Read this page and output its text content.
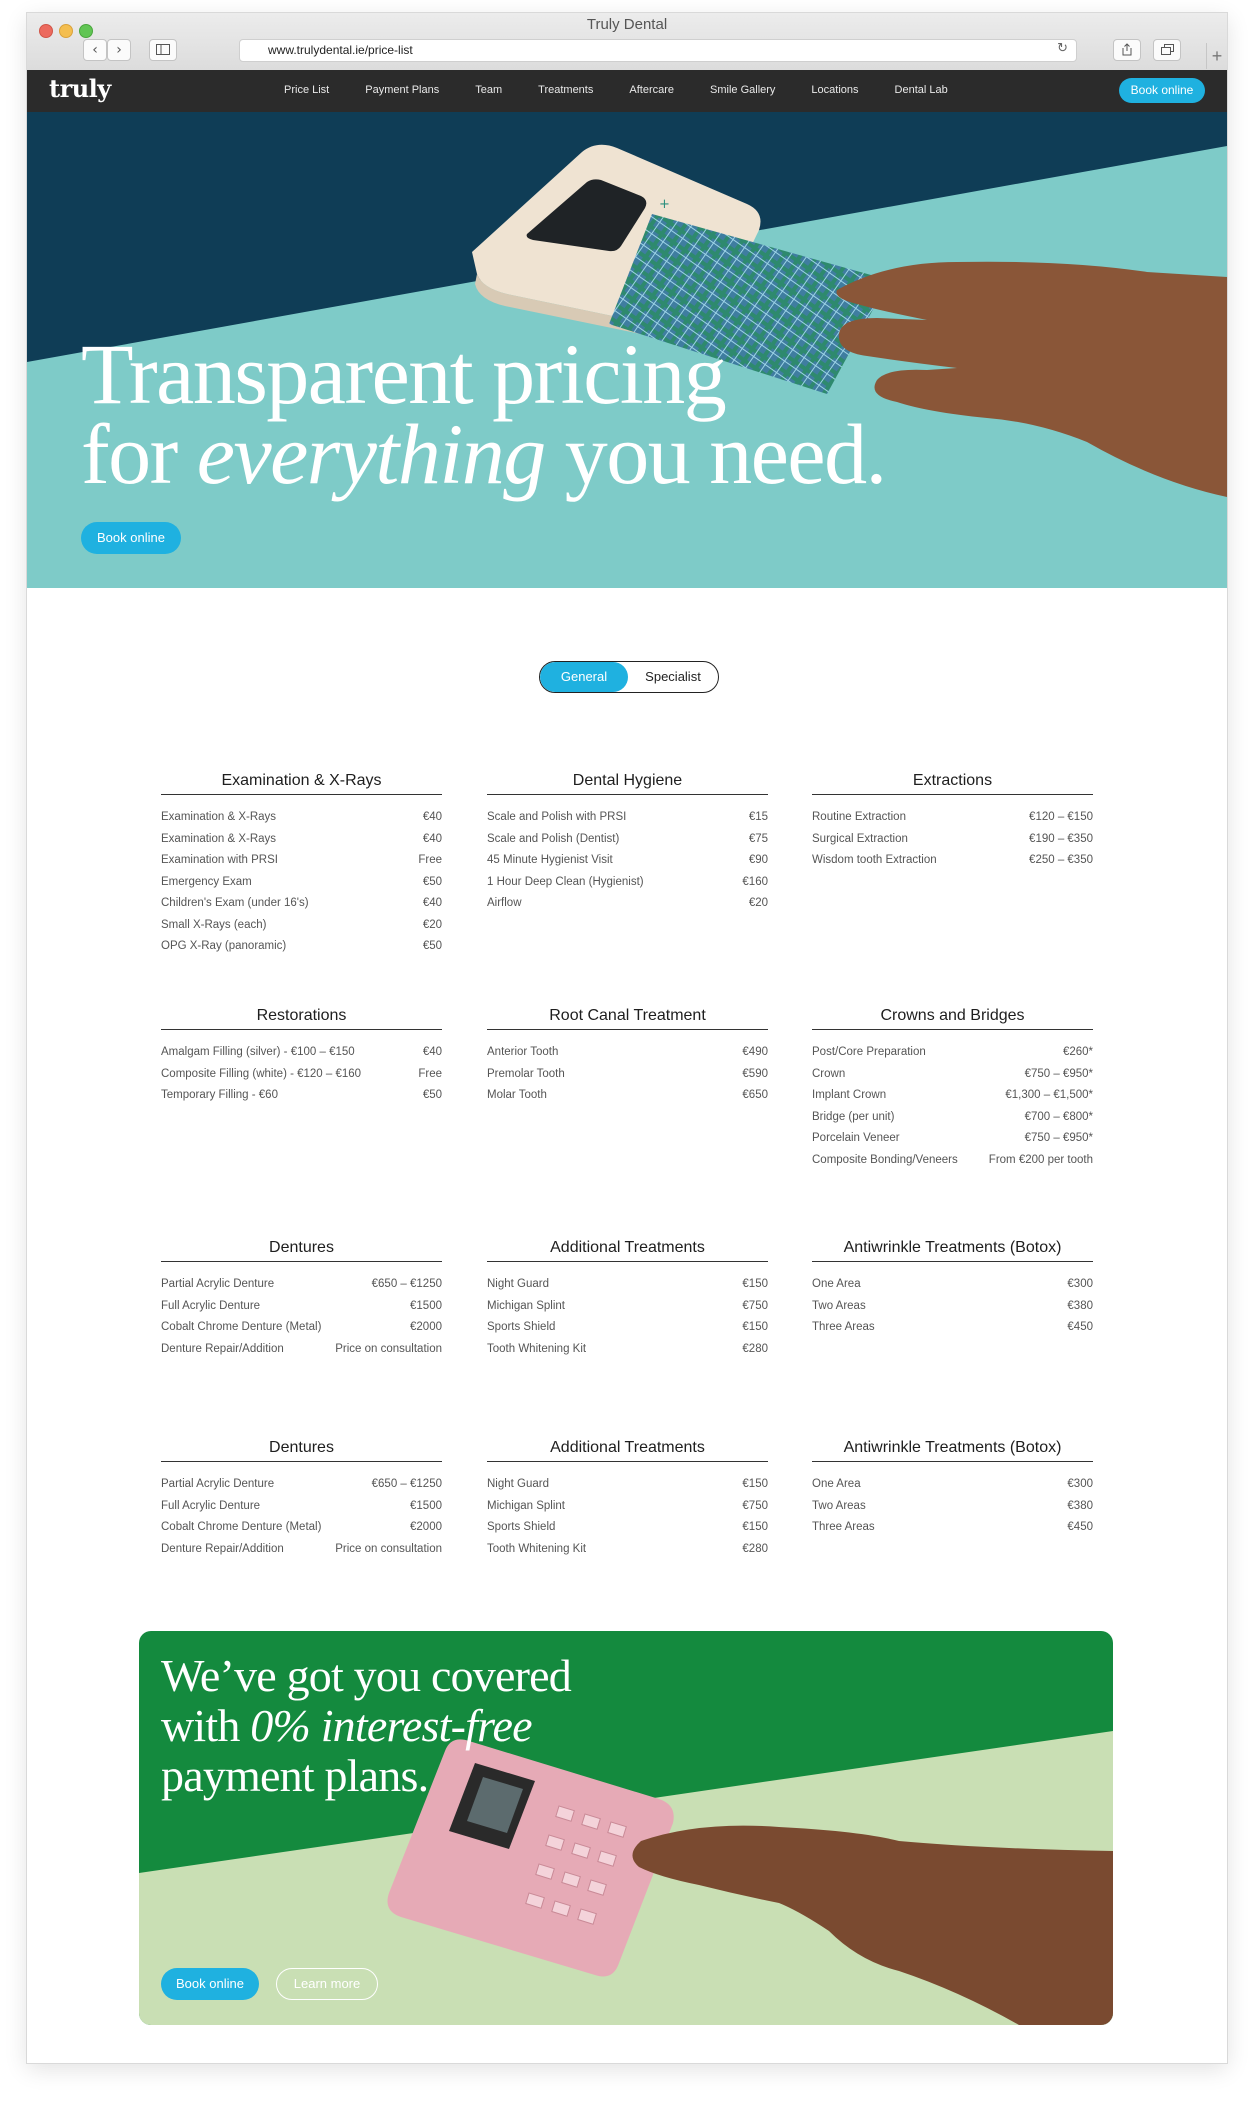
Truly Dental
‹	›	www.trulydental.ie/price-list	↻	+
truly	Price List	Payment Plans	Team	Treatments	Aftercare	Smile Gallery	Locations	Dental Lab	Book online
+
Transparent pricing
for everything you need.
Book online
General	Specialist
Examination & X-Rays
Examination & X-Rays	€40
Examination & X-Rays	€40
Examination with PRSI	Free
Emergency Exam	€50
Children's Exam (under 16's)	€40
Small X-Rays (each)	€20
OPG X-Ray (panoramic)	€50
Dental Hygiene
Scale and Polish with PRSI	€15
Scale and Polish (Dentist)	€75
45 Minute Hygienist Visit	€90
1 Hour Deep Clean (Hygienist)	€160
Airflow	€20
Extractions
Routine Extraction	€120 – €150
Surgical Extraction	€190 – €350
Wisdom tooth Extraction	€250 – €350
Restorations
Amalgam Filling (silver) - €100 – €150	€40
Composite Filling (white) - €120 – €160	Free
Temporary Filling - €60	€50
Root Canal Treatment
Anterior Tooth	€490
Premolar Tooth	€590
Molar Tooth	€650
Crowns and Bridges
Post/Core Preparation	€260*
Crown	€750 – €950*
Implant Crown	€1,300 – €1,500*
Bridge (per unit)	€700 – €800*
Porcelain Veneer	€750 – €950*
Composite Bonding/Veneers	From €200 per tooth
Dentures
Partial Acrylic Denture	€650 – €1250
Full Acrylic Denture	€1500
Cobalt Chrome Denture (Metal)	€2000
Denture Repair/Addition	Price on consultation
Additional Treatments
Night Guard	€150
Michigan Splint	€750
Sports Shield	€150
Tooth Whitening Kit	€280
Antiwrinkle Treatments (Botox)
One Area	€300
Two Areas	€380
Three Areas	€450
Dentures
Partial Acrylic Denture	€650 – €1250
Full Acrylic Denture	€1500
Cobalt Chrome Denture (Metal)	€2000
Denture Repair/Addition	Price on consultation
Additional Treatments
Night Guard	€150
Michigan Splint	€750
Sports Shield	€150
Tooth Whitening Kit	€280
Antiwrinkle Treatments (Botox)
One Area	€300
Two Areas	€380
Three Areas	€450
We’ve got you covered
with 0% interest-free
payment plans.
Book online	Learn more
